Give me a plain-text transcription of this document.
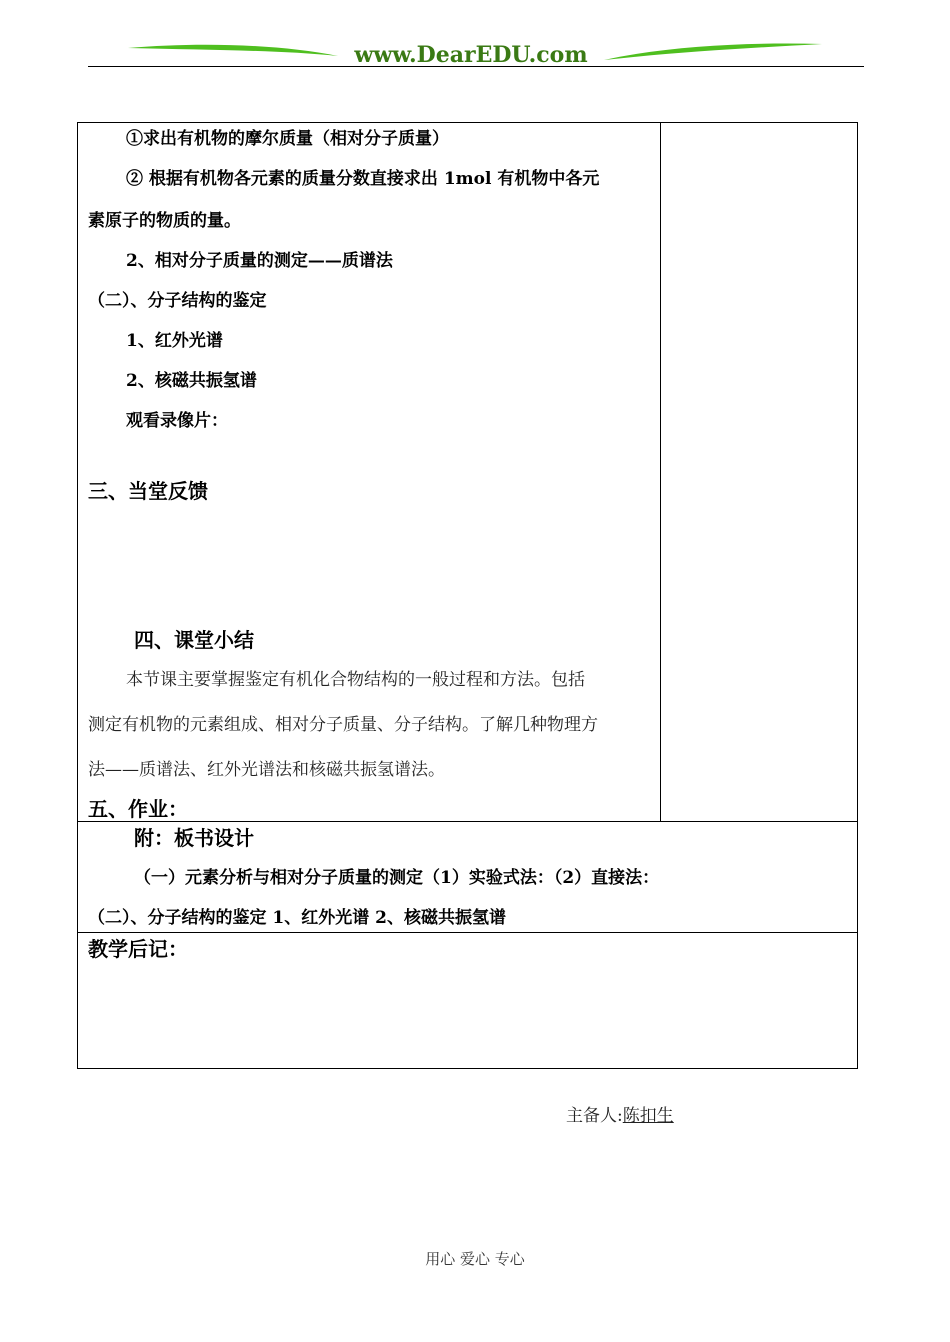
www.DearEDU.com
①求出有机物的摩尔质量（相对分子质量）
② 根据有机物各元素的质量分数直接求出 1mol 有机物中各元
素原子的物质的量。
2、相对分子质量的测定——质谱法
（二）、分子结构的鉴定
1、红外光谱
2、核磁共振氢谱
观看录像片：
三、当堂反馈
四、课堂小结
本节课主要掌握鉴定有机化合物结构的一般过程和方法。包括
测定有机物的元素组成、相对分子质量、分子结构。了解几种物理方
法——质谱法、红外光谱法和核磁共振氢谱法。
五、作业：

附：板书设计
（一）元素分析与相对分子质量的测定（1）实验式法：（2）直接法：
（二）、分子结构的鉴定 1、红外光谱 2、核磁共振氢谱

教学后记：
主备人:陈扣生
用心 爱心 专心
